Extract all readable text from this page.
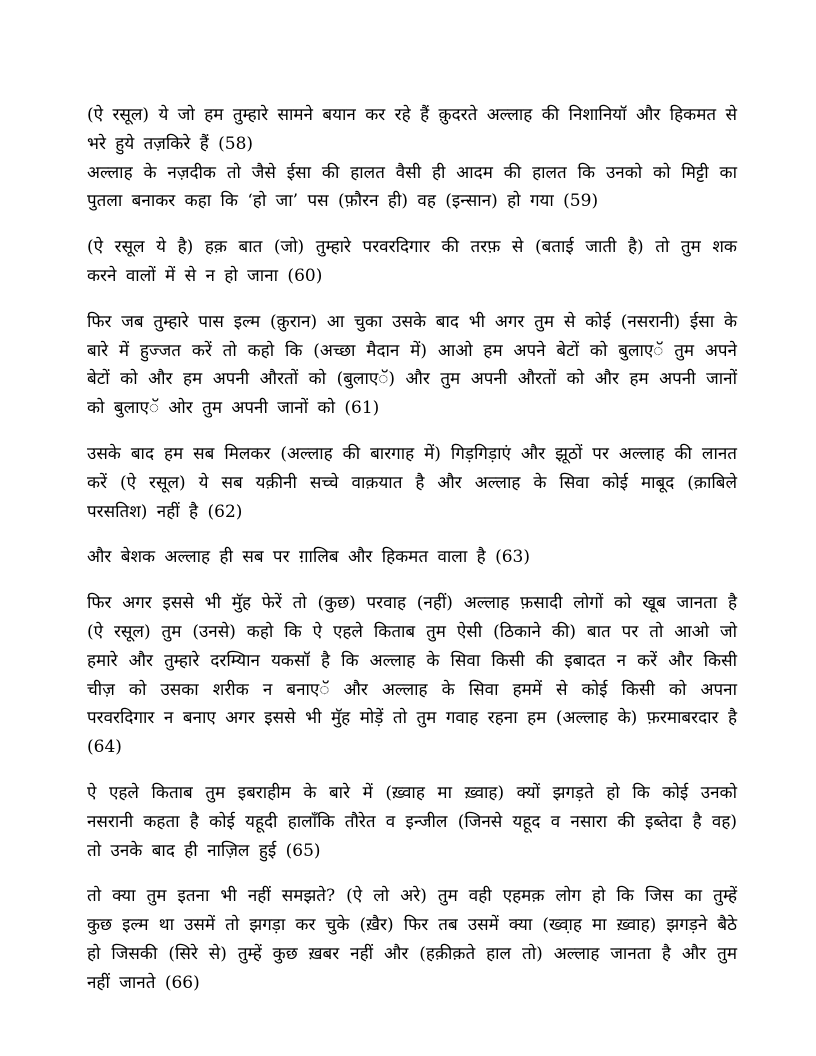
(ऐ रसूल) ये जो हम तुम्हारे सामने बयान कर रहे हैं क़ुदरते अल्लाह की निशानियॉ और हिकमत से भरे हुये तज़किरे हैं (58)

अल्लाह के नज़दीक तो जैसे ईसा की हालत वैसी ही आदम की हालत कि उनको को मिट्टी का पुतला बनाकर कहा कि ‘हो जा’ पस (फ़ौरन ही) वह (इन्सान) हो गया (59)

(ऐ रसूल ये है) हक़ बात (जो) तुम्हारे परवरदिगार की तरफ़ से (बताई जाती है) तो तुम शक करने वालों में से न हो जाना (60)

फिर जब तुम्हारे पास इल्म (क़ुरान) आ चुका उसके बाद भी अगर तुम से कोई (नसरानी) ईसा के बारे में हुज्जत करें तो कहो कि (अच्छा मैदान में) आओ हम अपने बेटों को बुलाएॅ तुम अपने बेटों को और हम अपनी औरतों को (बुलाएॅ) और तुम अपनी औरतों को और हम अपनी जानों को बुलाएॅ ओर तुम अपनी जानों को (61)

उसके बाद हम सब मिलकर (अल्लाह की बारगाह में) गिड़गिड़ाएं और झूठों पर अल्लाह की लानत करें (ऐ रसूल) ये सब यक़ीनी सच्चे वाक़यात है और अल्लाह के सिवा कोई माबूद (क़ाबिले परसतिश) नहीं है (62)

और बेशक अल्लाह ही सब पर ग़ालिब और हिकमत वाला है (63)

फिर अगर इससे भी मुॅह फेरें तो (कुछ) परवाह (नहीं) अल्लाह फ़सादी लोगों को खूब जानता है (ऐ रसूल) तुम (उनसे) कहो कि ऐ एहले किताब तुम ऐसी (ठिकाने की) बात पर तो आओ जो हमारे और तुम्हारे दरम्यिान यकसॉ है कि अल्लाह के सिवा किसी की इबादत न करें और किसी चीज़ को उसका शरीक न बनाएॅ और अल्लाह के सिवा हममें से कोई किसी को अपना परवरदिगार न बनाए अगर इससे भी मुॅह मोड़ें तो तुम गवाह रहना हम (अल्लाह के) फ़रमाबरदार है (64)

ऐ एहले किताब तुम इबराहीम के बारे में (ख़्वाह मा ख़्वाह) क्यों झगड़ते हो कि कोई उनको नसरानी कहता है कोई यहूदी हालाँकि तौरेत व इन्जील (जिनसे यहूद व नसारा की इब्तेदा है वह) तो उनके बाद ही नाज़िल हुई (65)

तो क्या तुम इतना भी नहीं समझते? (ऐ लो अरे) तुम वही एहमक़ लोग हो कि जिस का तुम्हें कुछ इल्म था उसमें तो झगड़ा कर चुके (ख़ैर) फिर तब उसमें क्या (ख्वा़ह मा ख़्वाह) झगड़ने बैठे हो जिसकी (सिरे से) तुम्हें कुछ ख़बर नहीं और (हक़ीक़ते हाल तो) अल्लाह जानता है और तुम नहीं जानते (66)
